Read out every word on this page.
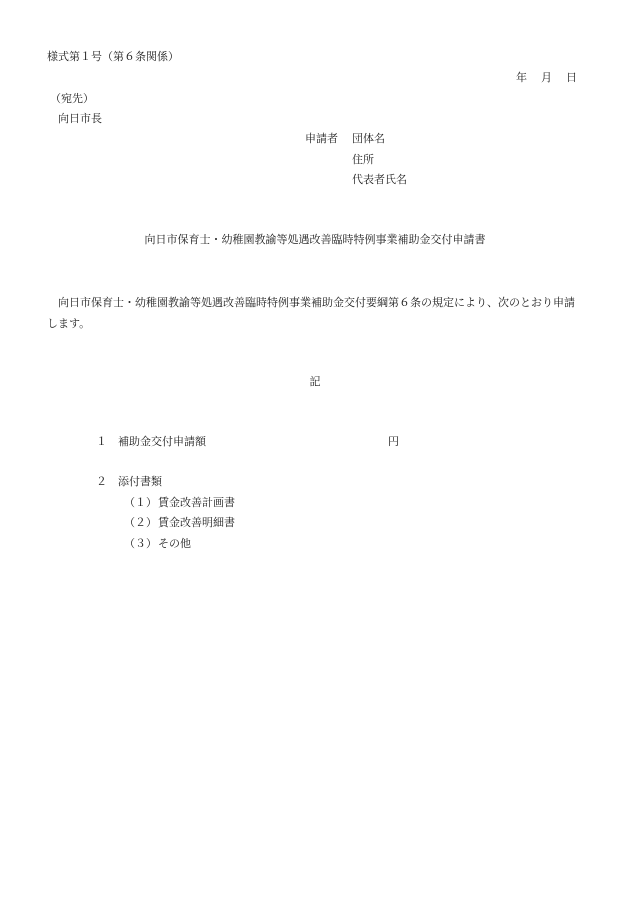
様式第１号（第６条関係）
年 月 日
（宛先）
向日市長
申請者 団体名
住所
代表者氏名
向日市保育士・幼稚園教諭等処遇改善臨時特例事業補助金交付申請書
向日市保育士・幼稚園教諭等処遇改善臨時特例事業補助金交付要綱第６条の規定により、次のとおり申請します。
記
１ 補助金交付申請額	円
２ 添付書類
（１）賃金改善計画書
（２）賃金改善明細書
（３）その他
